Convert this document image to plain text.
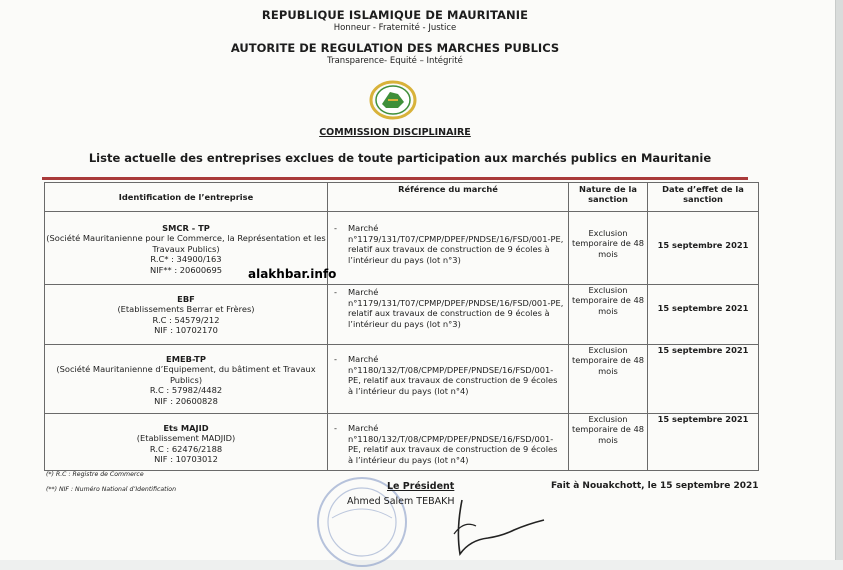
REPUBLIQUE ISLAMIQUE DE MAURITANIE
Honneur - Fraternité - Justice
AUTORITE DE REGULATION DES MARCHES PUBLICS
Transparence- Equité – Intégrité
COMMISSION DISCIPLINAIRE
Liste actuelle des entreprises exclues de toute participation aux marchés publics en Mauritanie
Identification de l’entreprise	Référence du marché	Nature de la sanction	Date d’effet de la sanction

SMCR - TP
(Société Mauritanienne pour le Commerce, la Représentation et les Travaux Publics)
R.C* : 34900/163
NIF** : 20600695	- Marché n°1179/131/T07/CPMP/DPEF/PNDSE/16/FSD/001-PE, relatif aux travaux de construction de 9 écoles à l’intérieur du pays (lot n°3)	Exclusion temporaire de 48 mois	15 septembre 2021

EBF
(Etablissements Berrar et Frères)
R.C : 54579/212
NIF : 10702170	- Marché n°1179/131/T07/CPMP/DPEF/PNDSE/16/FSD/001-PE, relatif aux travaux de construction de 9 écoles à l’intérieur du pays (lot n°3)	Exclusion temporaire de 48 mois	15 septembre 2021

EMEB-TP
(Société Mauritanienne d’Equipement, du bâtiment et Travaux Publics)
R.C : 57982/4482
NIF : 20600828	- Marché n°1180/132/T/08/CPMP/DPEF/PNDSE/16/FSD/001-PE, relatif aux travaux de construction de 9 écoles à l’intérieur du pays (lot n°4)	Exclusion temporaire de 48 mois	15 septembre 2021

Ets MAJID
(Etablissement MADJID)
R.C : 62476/2188
NIF : 10703012	- Marché n°1180/132/T/08/CPMP/DPEF/PNDSE/16/FSD/001-PE, relatif aux travaux de construction de 9 écoles à l’intérieur du pays (lot n°4)	Exclusion temporaire de 48 mois	15 septembre 2021
alakhbar.info
(*) R.C : Registre de Commerce
(**) NIF : Numéro National d’Identification	Le Président
Ahmed Salem TEBAKH
Fait à Nouakchott, le 15 septembre 2021
